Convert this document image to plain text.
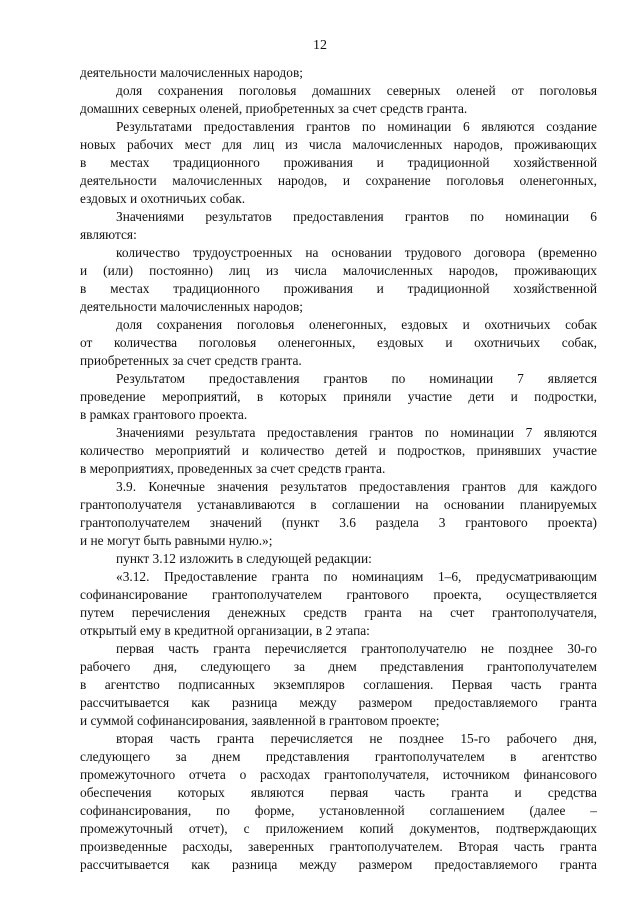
12
деятельности малочисленных народов;
доля сохранения поголовья домашних северных оленей от поголовья
домашних северных оленей, приобретенных за счет средств гранта.
Результатами предоставления грантов по номинации 6 являются создание
новых рабочих мест для лиц из числа малочисленных народов, проживающих
в местах традиционного проживания и традиционной хозяйственной
деятельности малочисленных народов, и сохранение поголовья оленегонных,
ездовых и охотничьих собак.
Значениями результатов предоставления грантов по номинации 6
являются:
количество трудоустроенных на основании трудового договора (временно
и (или) постоянно) лиц из числа малочисленных народов, проживающих
в местах традиционного проживания и традиционной хозяйственной
деятельности малочисленных народов;
доля сохранения поголовья оленегонных, ездовых и охотничьих собак
от количества поголовья оленегонных, ездовых и охотничьих собак,
приобретенных за счет средств гранта.
Результатом предоставления грантов по номинации 7 является
проведение мероприятий, в которых приняли участие дети и подростки,
в рамках грантового проекта.
Значениями результата предоставления грантов по номинации 7 являются
количество мероприятий и количество детей и подростков, принявших участие
в мероприятиях, проведенных за счет средств гранта.
3.9. Конечные значения результатов предоставления грантов для каждого
грантополучателя устанавливаются в соглашении на основании планируемых
грантополучателем значений (пункт 3.6 раздела 3 грантового проекта)
и не могут быть равными нулю.»;
пункт 3.12 изложить в следующей редакции:
«3.12. Предоставление гранта по номинациям 1–6, предусматривающим
софинансирование грантополучателем грантового проекта, осуществляется
путем перечисления денежных средств гранта на счет грантополучателя,
открытый ему в кредитной организации, в 2 этапа:
первая часть гранта перечисляется грантополучателю не позднее 30-го
рабочего дня, следующего за днем представления грантополучателем
в агентство подписанных экземпляров соглашения. Первая часть гранта
рассчитывается как разница между размером предоставляемого гранта
и суммой софинансирования, заявленной в грантовом проекте;
вторая часть гранта перечисляется не позднее 15-го рабочего дня,
следующего за днем представления грантополучателем в агентство
промежуточного отчета о расходах грантополучателя, источником финансового
обеспечения которых являются первая часть гранта и средства
софинансирования, по форме, установленной соглашением (далее –
промежуточный отчет), с приложением копий документов, подтверждающих
произведенные расходы, заверенных грантополучателем. Вторая часть гранта
рассчитывается как разница между размером предоставляемого гранта
